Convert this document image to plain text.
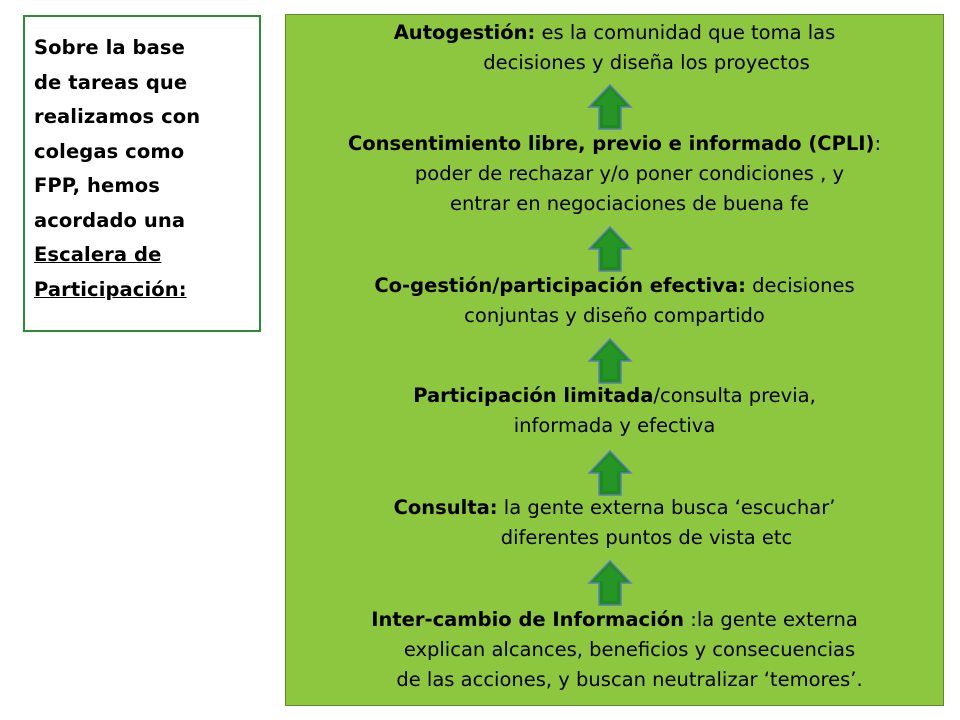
Sobre la base
de tareas que
realizamos con
colegas como
FPP, hemos
acordado una
Escalera de
Participación:
Autogestión: es la comunidad que toma las
decisiones y diseña los proyectos
Consentimiento libre, previo e informado (CPLI):
poder de rechazar y/o poner condiciones , y
entrar en negociaciones de buena fe
Co-gestión/participación efectiva: decisiones
conjuntas y diseño compartido
Participación limitada/consulta previa,
informada y efectiva
Consulta: la gente externa busca ‘escuchar’
diferentes puntos de vista etc
Inter-cambio de Información :la gente externa
explican alcances, beneficios y consecuencias
de las acciones, y buscan neutralizar ‘temores’.
